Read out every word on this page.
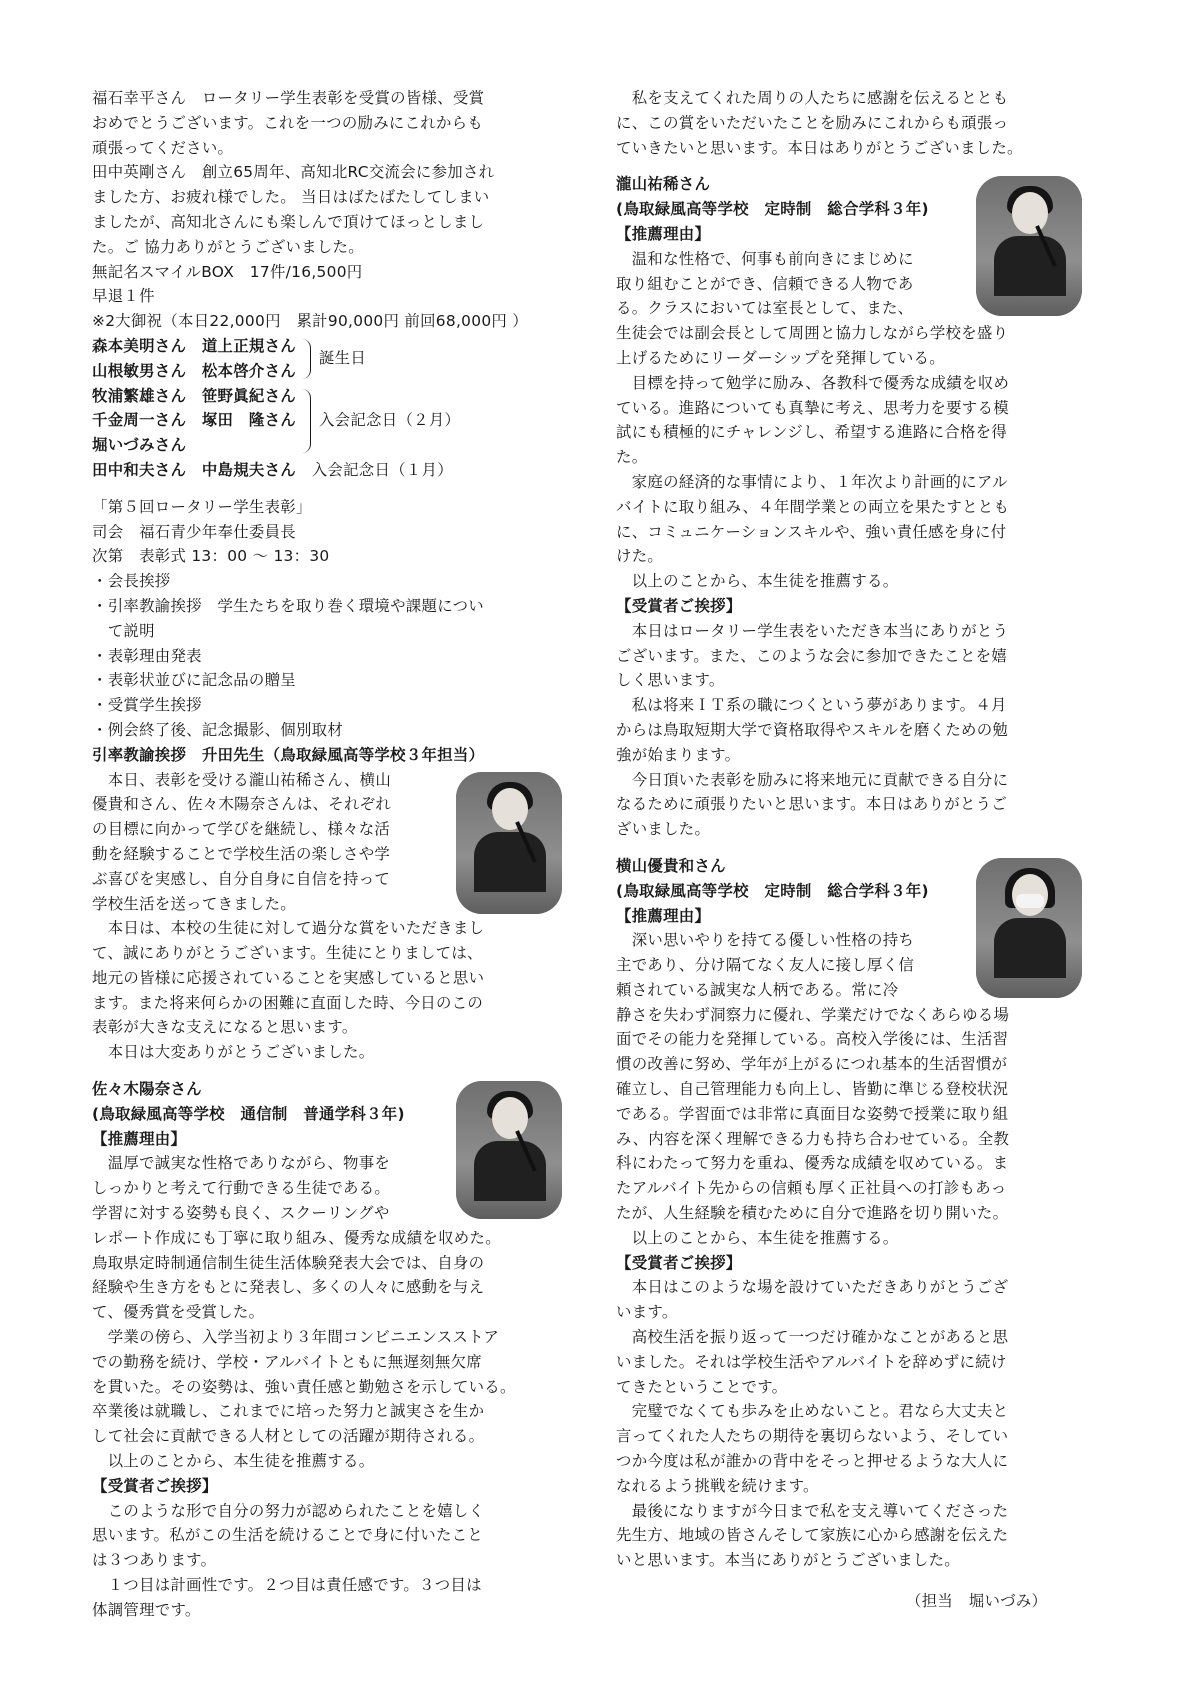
福石幸平さん　ロータリー学生表彰を受賞の皆様、受賞
おめでとうございます。これを一つの励みにこれからも
頑張ってください。
田中英剛さん　創立65周年、高知北RC交流会に参加され
ました方、お疲れ様でした。 当日はばたばたしてしまい
ましたが、高知北さんにも楽しんで頂けてほっとしまし
た。ご 協力ありがとうございました。
無記名スマイルBOX　17件/16,500円
早退１件
※2大御祝（本日22,000円　累計90,000円 前回68,000円 ）
森本美明さん　道上正規さん
山根敏男さん　松本啓介さん
誕生日
牧浦繁雄さん　笹野眞紀さん
千金周一さん　塚田　隆さん
堀いづみさん
入会記念日（２月）
田中和夫さん　中島規夫さん　 入会記念日（１月）
「第５回ロータリー学生表彰」
司会　福石青少年奉仕委員長
次第　表彰式 13：00 ～ 13：30
・会長挨拶
・引率教諭挨拶　学生たちを取り巻く環境や課題につい
　て説明
・表彰理由発表
・表彰状並びに記念品の贈呈
・受賞学生挨拶
・例会終了後、記念撮影、個別取材
引率教諭挨拶　升田先生（鳥取緑風高等学校３年担当）
　本日、表彰を受ける瀧山祐稀さん、横山
優貴和さん、佐々木陽奈さんは、それぞれ
の目標に向かって学びを継続し、様々な活
動を経験することで学校生活の楽しさや学
ぶ喜びを実感し、自分自身に自信を持って
学校生活を送ってきました。
　本日は、本校の生徒に対して過分な賞をいただきまし
て、誠にありがとうございます。生徒にとりましては、
地元の皆様に応援されていることを実感していると思い
ます。また将来何らかの困難に直面した時、今日のこの
表彰が大きな支えになると思います。
　本日は大変ありがとうございました。
佐々木陽奈さん
(鳥取緑風高等学校　通信制　普通学科３年)
【推薦理由】
　温厚で誠実な性格でありながら、物事を
しっかりと考えて行動できる生徒である。
学習に対する姿勢も良く、スクーリングや
レポート作成にも丁寧に取り組み、優秀な成績を収めた。
鳥取県定時制通信制生徒生活体験発表大会では、自身の
経験や生き方をもとに発表し、多くの人々に感動を与え
て、優秀賞を受賞した。
　学業の傍ら、入学当初より３年間コンビニエンスストア
での勤務を続け、学校・アルバイトともに無遅刻無欠席
を貫いた。その姿勢は、強い責任感と勤勉さを示している。
卒業後は就職し、これまでに培った努力と誠実さを生か
して社会に貢献できる人材としての活躍が期待される。
　以上のことから、本生徒を推薦する。
【受賞者ご挨拶】
　このような形で自分の努力が認められたことを嬉しく
思います。私がこの生活を続けることで身に付いたこと
は３つあります。
　１つ目は計画性です。２つ目は責任感です。３つ目は
体調管理です。
　私を支えてくれた周りの人たちに感謝を伝えるととも
に、この賞をいただいたことを励みにこれからも頑張っ
ていきたいと思います。本日はありがとうございました。
瀧山祐稀さん
(鳥取緑風高等学校　定時制　総合学科３年)
【推薦理由】
　温和な性格で、何事も前向きにまじめに
取り組むことができ、信頼できる人物であ
る。クラスにおいては室長として、また、
生徒会では副会長として周囲と協力しながら学校を盛り
上げるためにリーダーシップを発揮している。
　目標を持って勉学に励み、各教科で優秀な成績を収め
ている。進路についても真摯に考え、思考力を要する模
試にも積極的にチャレンジし、希望する進路に合格を得
た。
　家庭の経済的な事情により、１年次より計画的にアル
バイトに取り組み、４年間学業との両立を果たすととも
に、コミュニケーションスキルや、強い責任感を身に付
けた。
　以上のことから、本生徒を推薦する。
【受賞者ご挨拶】
　本日はロータリー学生表をいただき本当にありがとう
ございます。また、このような会に参加できたことを嬉
しく思います。
　私は将来ＩＴ系の職につくという夢があります。４月
からは鳥取短期大学で資格取得やスキルを磨くための勉
強が始まります。
　今日頂いた表彰を励みに将来地元に貢献できる自分に
なるために頑張りたいと思います。本日はありがとうご
ざいました。
横山優貴和さん
(鳥取緑風高等学校　定時制　総合学科３年)
【推薦理由】
　深い思いやりを持てる優しい性格の持ち
主であり、分け隔てなく友人に接し厚く信
頼されている誠実な人柄である。常に冷
静さを失わず洞察力に優れ、学業だけでなくあらゆる場
面でその能力を発揮している。高校入学後には、生活習
慣の改善に努め、学年が上がるにつれ基本的生活習慣が
確立し、自己管理能力も向上し、皆勤に準じる登校状況
である。学習面では非常に真面目な姿勢で授業に取り組
み、内容を深く理解できる力も持ち合わせている。全教
科にわたって努力を重ね、優秀な成績を収めている。ま
たアルバイト先からの信頼も厚く正社員への打診もあっ
たが、人生経験を積むために自分で進路を切り開いた。
　以上のことから、本生徒を推薦する。
【受賞者ご挨拶】
　本日はこのような場を設けていただきありがとうござ
います。
　高校生活を振り返って一つだけ確かなことがあると思
いました。それは学校生活やアルバイトを辞めずに続け
てきたということです。
　完璧でなくても歩みを止めないこと。君なら大丈夫と
言ってくれた人たちの期待を裏切らないよう、そしてい
つか今度は私が誰かの背中をそっと押せるような大人に
なれるよう挑戦を続けます。
　最後になりますが今日まで私を支え導いてくださった
先生方、地域の皆さんそして家族に心から感謝を伝えた
いと思います。本当にありがとうございました。
（担当　堀いづみ）
